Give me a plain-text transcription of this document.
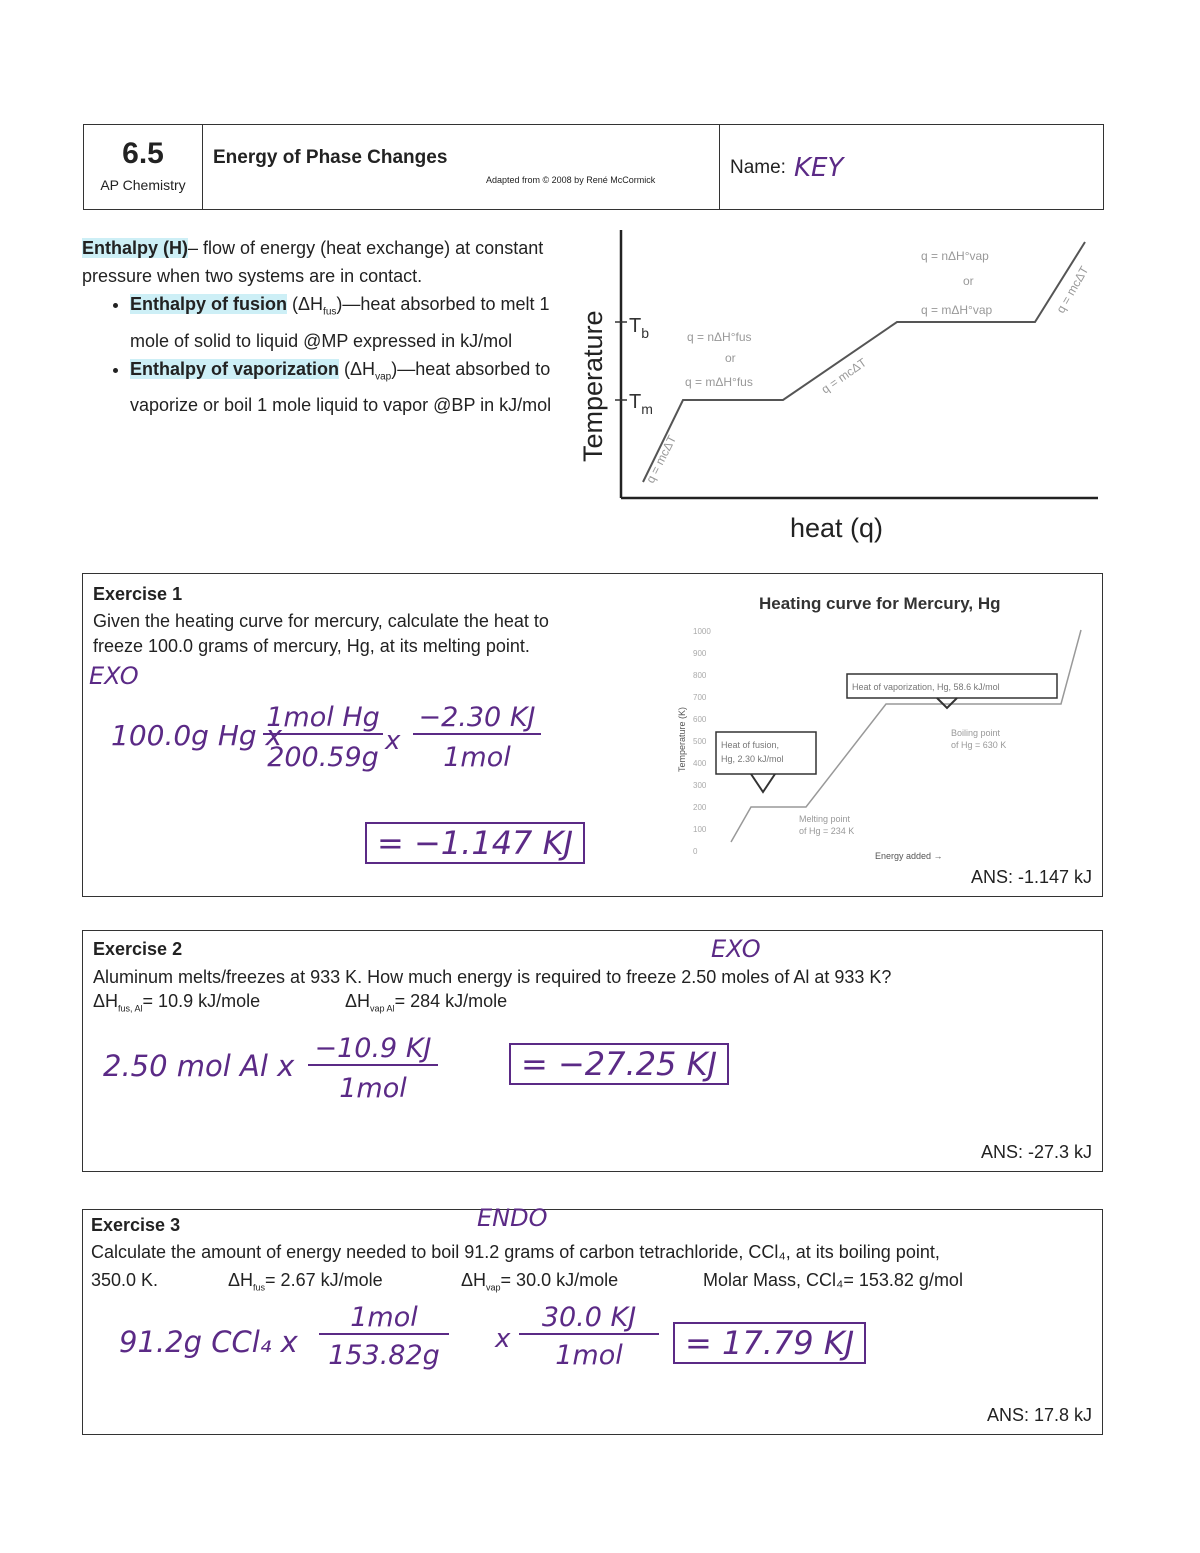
6.5
AP Chemistry
Energy of Phase Changes
Adapted from © 2008 by René McCormick
Name: KEY
Enthalpy (H)– flow of energy (heat exchange) at constant pressure when two systems are in contact.
• Enthalpy of fusion $(\Delta H_{fus})—heat$ absorbed to melt 1 mole of solid to liquid @MP expressed in kJ/mol
• Enthalpy of vaporization $(\Delta H_{vap})—heat$ absorbed to vaporize or boil 1 mole liquid to vapor @BP in kJ/mol
$T_b$
$T_m$
Temperature
heat (q)
q = mcΔT
q = nΔH°fus
or
q = mΔH°fus	q = mcΔT
q = nΔH°vap
or
q = mΔH°vap	q = mcΔT
Exercise 1
Given the heating curve for mercury, calculate the heat to
freeze 100.0 grams of mercury, Hg, at its melting point.
EXO
100.0g Hg x
1mol Hg
200.59g
x
−2.30 KJ
1mol
= −1.147 KJ
ANS: -1.147 kJ
Heating curve for Mercury, Hg
1000
900
800
700
600
500
400
300
200
100
0
Temperature (K)	Heat of fusion,
Hg, 2.30 kJ/mol
Heat of vaporization, Hg, 58.6 kJ/mol
Boiling point
of Hg = 630 K
Melting point
of Hg = 234 K
Energy added →
Exercise 2
Aluminum melts/freezes at 933 K. How much energy is required to freeze 2.50 moles of Al at 933 K?
$\Delta H_{fus, Al}= 10.9$ kJ/mole	$\Delta H_{vap Al}= 284$ kJ/mole
EXO
2.50 mol Al x
−10.9 KJ
1mol
= −27.25 KJ
ANS: -27.3 kJ
Exercise 3
Calculate the amount of energy needed to boil 91.2 grams of carbon tetrachloride, CCl₄, at its boiling point,
350.0 K.	$\Delta H_{fus}= 2.67$ kJ/mole	$\Delta H_{vap}= 30.0$ kJ/mole	Molar Mass, CCl₄= 153.82 g/mol
ENDO
91.2g CCl₄ x
1mol
153.82g
x
30.0 KJ
1mol	= 17.79 KJ
ANS: 17.8 kJ
